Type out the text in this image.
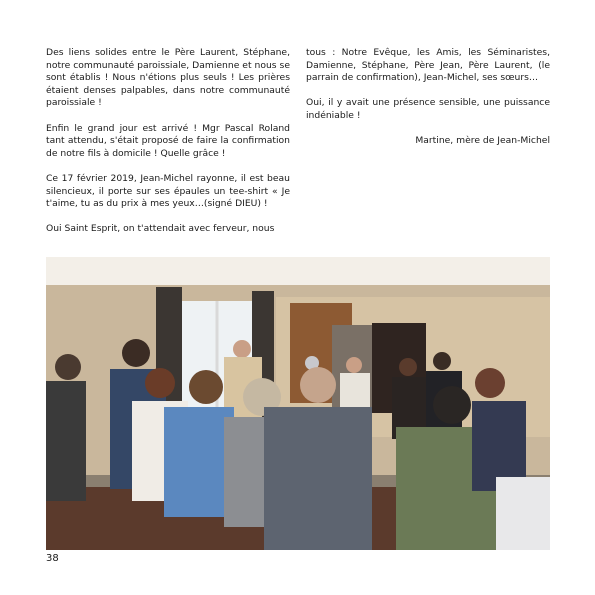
Des liens solides entre le Père Laurent, Stéphane, notre communauté paroissiale, Damienne et nous se sont établis ! Nous n'étions plus seuls ! Les prières étaient denses palpables, dans notre communauté paroissiale !

Enfin le grand jour est arrivé ! Mgr Pascal Roland tant attendu, s'était proposé de faire la confirmation de notre fils à domicile ! Quelle grâce !

Ce 17 février 2019, Jean-Michel rayonne, il est beau silencieux, il porte sur ses épaules un tee-shirt « Je t'aime, tu as du prix à mes yeux…(signé DIEU) !

Oui Saint Esprit, on t'attendait avec ferveur, nous

tous : Notre Evêque, les Amis, les Séminaristes, Damienne, Stéphane, Père Jean, Père Laurent, (le parrain de confirmation), Jean-Michel, ses sœurs…

Oui, il y avait une présence sensible, une puissance indéniable !

Martine, mère de Jean-Michel

38
